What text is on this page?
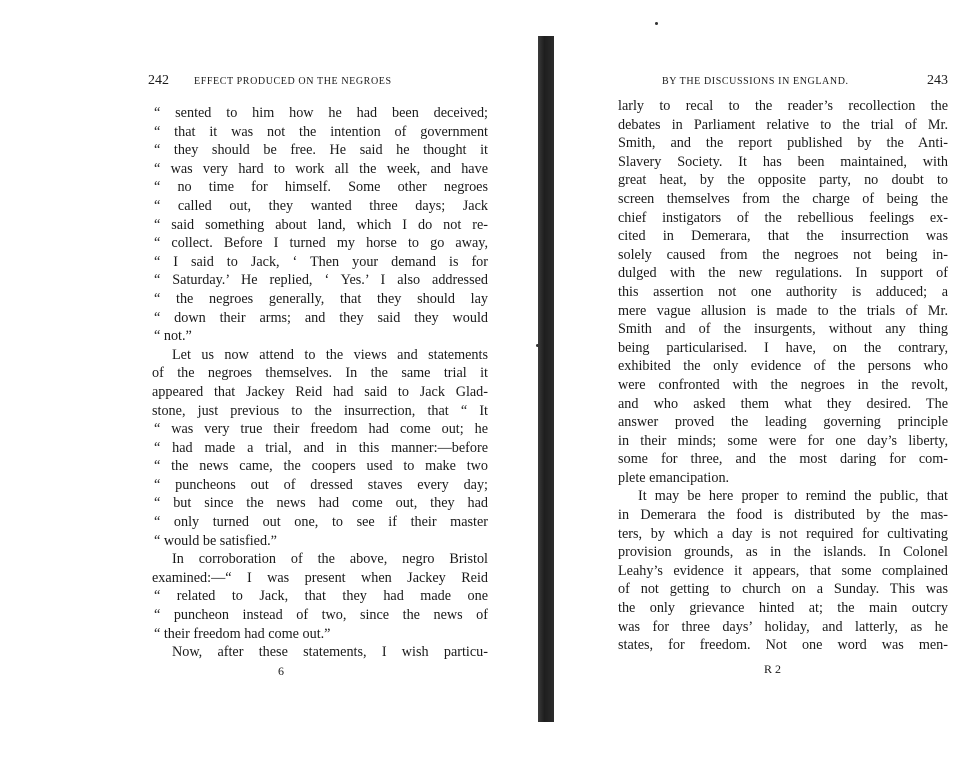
242	EFFECT PRODUCED ON THE NEGROES
“ sented to him how he had been deceived;
“ that it was not the intention of government
“ they should be free. He said he thought it
“ was very hard to work all the week, and have
“ no time for himself. Some other negroes
“ called out, they wanted three days; Jack
“ said something about land, which I do not re-
“ collect. Before I turned my horse to go away,
“ I said to Jack, ‘ Then your demand is for
“ Saturday.’ He replied, ‘ Yes.’ I also addressed
“ the negroes generally, that they should lay
“ down their arms; and they said they would
“ not.”
Let us now attend to the views and statements
of the negroes themselves. In the same trial it
appeared that Jackey Reid had said to Jack Glad-
stone, just previous to the insurrection, that “ It
“ was very true their freedom had come out; he
“ had made a trial, and in this manner:—before
“ the news came, the coopers used to make two
“ puncheons out of dressed staves every day;
“ but since the news had come out, they had
“ only turned out one, to see if their master
“ would be satisfied.”
In corroboration of the above, negro Bristol
examined:—“ I was present when Jackey Reid
“ related to Jack, that they had made one
“ puncheon instead of two, since the news of
“ their freedom had come out.”
Now, after these statements, I wish particu-
6
BY THE DISCUSSIONS IN ENGLAND.	243
larly to recal to the reader’s recollection the
debates in Parliament relative to the trial of Mr.
Smith, and the report published by the Anti-
Slavery Society. It has been maintained, with
great heat, by the opposite party, no doubt to
screen themselves from the charge of being the
chief instigators of the rebellious feelings ex-
cited in Demerara, that the insurrection was
solely caused from the negroes not being in-
dulged with the new regulations. In support of
this assertion not one authority is adduced; a
mere vague allusion is made to the trials of Mr.
Smith and of the insurgents, without any thing
being particularised. I have, on the contrary,
exhibited the only evidence of the persons who
were confronted with the negroes in the revolt,
and who asked them what they desired. The
answer proved the leading governing principle
in their minds; some were for one day’s liberty,
some for three, and the most daring for com-
plete emancipation.
It may be here proper to remind the public, that
in Demerara the food is distributed by the mas-
ters, by which a day is not required for cultivating
provision grounds, as in the islands. In Colonel
Leahy’s evidence it appears, that some complained
of not getting to church on a Sunday. This was
the only grievance hinted at; the main outcry
was for three days’ holiday, and latterly, as he
states, for freedom. Not one word was men-
R 2
